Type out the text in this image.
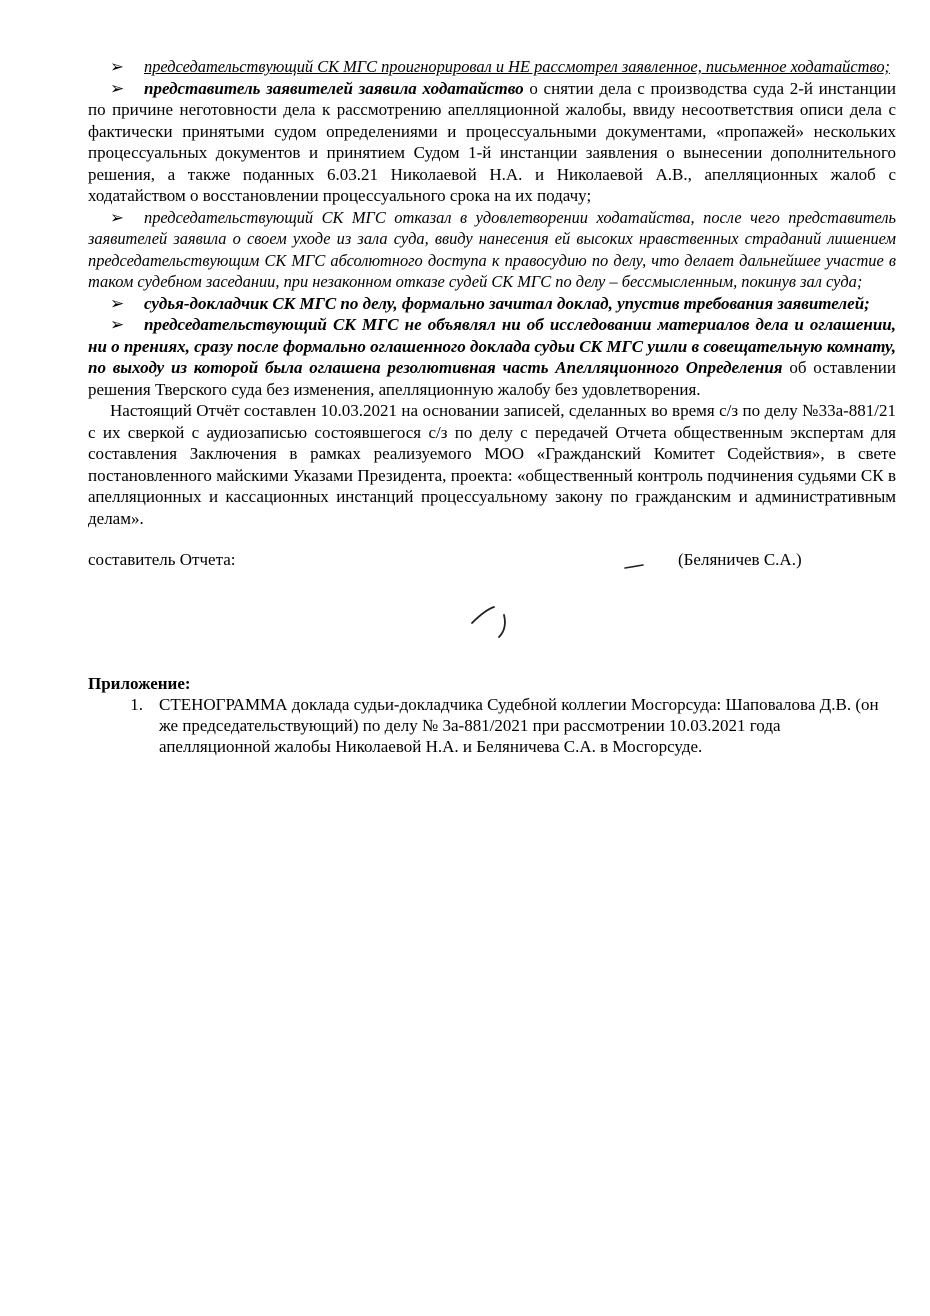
➢ председательствующий СК МГС проигнорировал и НЕ рассмотрел заявленное, письменное ходатайство;

➢ представитель заявителей заявила ходатайство о снятии дела с производства суда 2-й инстанции по причине неготовности дела к рассмотрению апелляционной жалобы, ввиду несоответствия описи дела с фактически принятыми судом определениями и процессуальными документами, «пропажей» нескольких процессуальных документов и принятием Судом 1-й инстанции заявления о вынесении дополнительного решения, а также поданных 6.03.21 Николаевой Н.А. и Николаевой А.В., апелляционных жалоб с ходатайством о восстановлении процессуального срока на их подачу;

➢ председательствующий СК МГС отказал в удовлетворении ходатайства, после чего представитель заявителей заявила о своем уходе из зала суда, ввиду нанесения ей высоких нравственных страданий лишением председательствующим СК МГС абсолютного доступа к правосудию по делу, что делает дальнейшее участие в таком судебном заседании, при незаконном отказе судей СК МГС по делу – бессмысленным, покинув зал суда;

➢ судья-докладчик СК МГС по делу, формально зачитал доклад, упустив требования заявителей;

➢ председательствующий СК МГС не объявлял ни об исследовании материалов дела и оглашении, ни о прениях, сразу после формально оглашенного доклада судьи СК МГС ушли в совещательную комнату, по выходу из которой была оглашена резолютивная часть Апелляционного Определения об оставлении решения Тверского суда без изменения, апелляционную жалобу без удовлетворения.

Настоящий Отчёт составлен 10.03.2021 на основании записей, сделанных во время с/з по делу №33а-881/21 с их сверкой с аудиозаписью состоявшегося с/з по делу с передачей Отчета общественным экспертам для составления Заключения в рамках реализуемого МОО «Гражданский Комитет Содействия», в свете постановленного майскими Указами Президента, проекта: «общественный контроль подчинения судьями СК в апелляционных и кассационных инстанций процессуальному закону по гражданским и административным делам».

составитель Отчета:	(Беляничев С.А.)
Приложение:
1. СТЕНОГРАММА доклада судьи-докладчика Судебной коллегии Мосгорсуда: Шаповалова Д.В. (он же председательствующий) по делу № 3а-881/2021 при рассмотрении 10.03.2021 года апелляционной жалобы Николаевой Н.А. и Беляничева С.А. в Мосгорсуде.
